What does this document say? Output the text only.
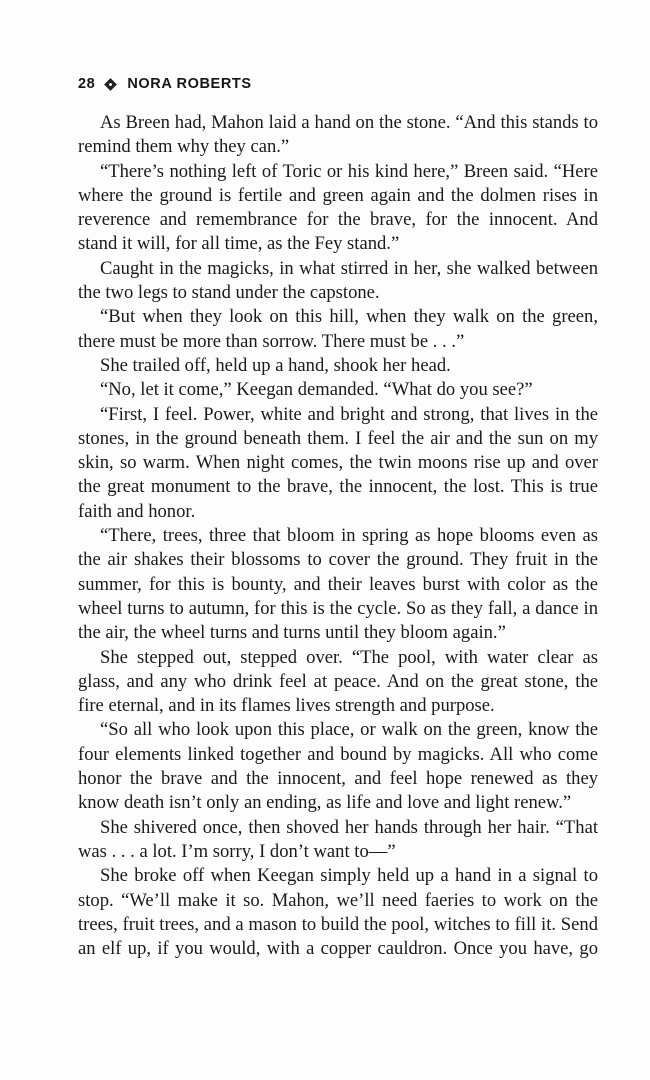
28 NORA ROBERTS

As Breen had, Mahon laid a hand on the stone. “And this stands to remind them why they can.”

“There’s nothing left of Toric or his kind here,” Breen said. “Here where the ground is fertile and green again and the dolmen rises in reverence and remembrance for the brave, for the innocent. And stand it will, for all time, as the Fey stand.”

Caught in the magicks, in what stirred in her, she walked between the two legs to stand under the capstone.

“But when they look on this hill, when they walk on the green, there must be more than sorrow. There must be . . .”

She trailed off, held up a hand, shook her head.

“No, let it come,” Keegan demanded. “What do you see?”

“First, I feel. Power, white and bright and strong, that lives in the stones, in the ground beneath them. I feel the air and the sun on my skin, so warm. When night comes, the twin moons rise up and over the great monument to the brave, the innocent, the lost. This is true faith and honor.

“There, trees, three that bloom in spring as hope blooms even as the air shakes their blossoms to cover the ground. They fruit in the summer, for this is bounty, and their leaves burst with color as the wheel turns to autumn, for this is the cycle. So as they fall, a dance in the air, the wheel turns and turns until they bloom again.”

She stepped out, stepped over. “The pool, with water clear as glass, and any who drink feel at peace. And on the great stone, the fire eternal, and in its flames lives strength and purpose.

“So all who look upon this place, or walk on the green, know the four elements linked together and bound by magicks. All who come honor the brave and the innocent, and feel hope renewed as they know death isn’t only an ending, as life and love and light renew.”

She shivered once, then shoved her hands through her hair. “That was . . . a lot. I’m sorry, I don’t want to—”

She broke off when Keegan simply held up a hand in a signal to stop. “We’ll make it so. Mahon, we’ll need faeries to work on the trees, fruit trees, and a mason to build the pool, witches to fill it. Send an elf up, if you would, with a copper cauldron. Once you have, go
